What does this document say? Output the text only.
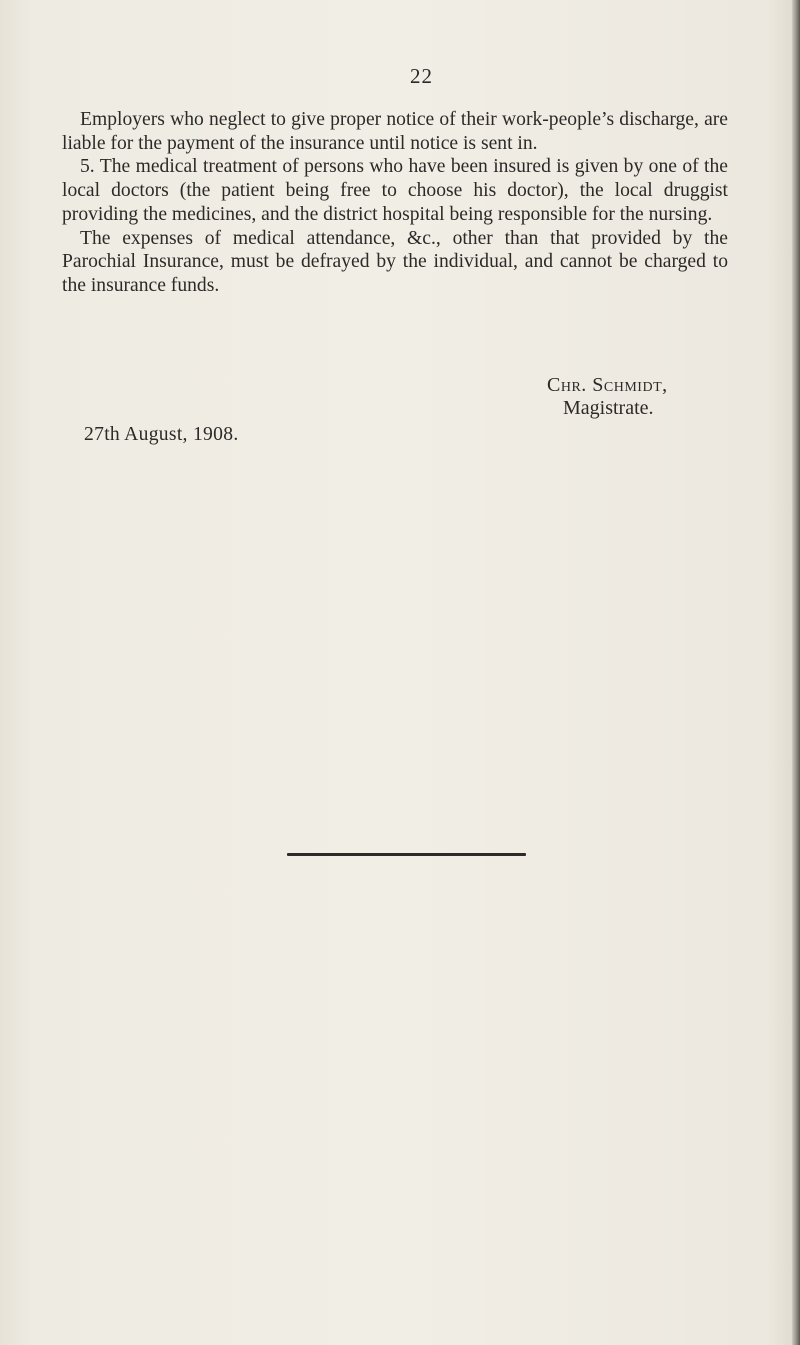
22

Employers who neglect to give proper notice of their work-people’s discharge, are liable for the payment of the insurance until notice is sent in.

5. The medical treatment of persons who have been insured is given by one of the local doctors (the patient being free to choose his doctor), the local druggist providing the medicines, and the district hospital being responsible for the nursing.

The expenses of medical attendance, &c., other than that provided by the Parochial Insurance, must be defrayed by the individual, and cannot be charged to the insurance funds.

Chr. Schmidt,
Magistrate.
27th August, 1908.
